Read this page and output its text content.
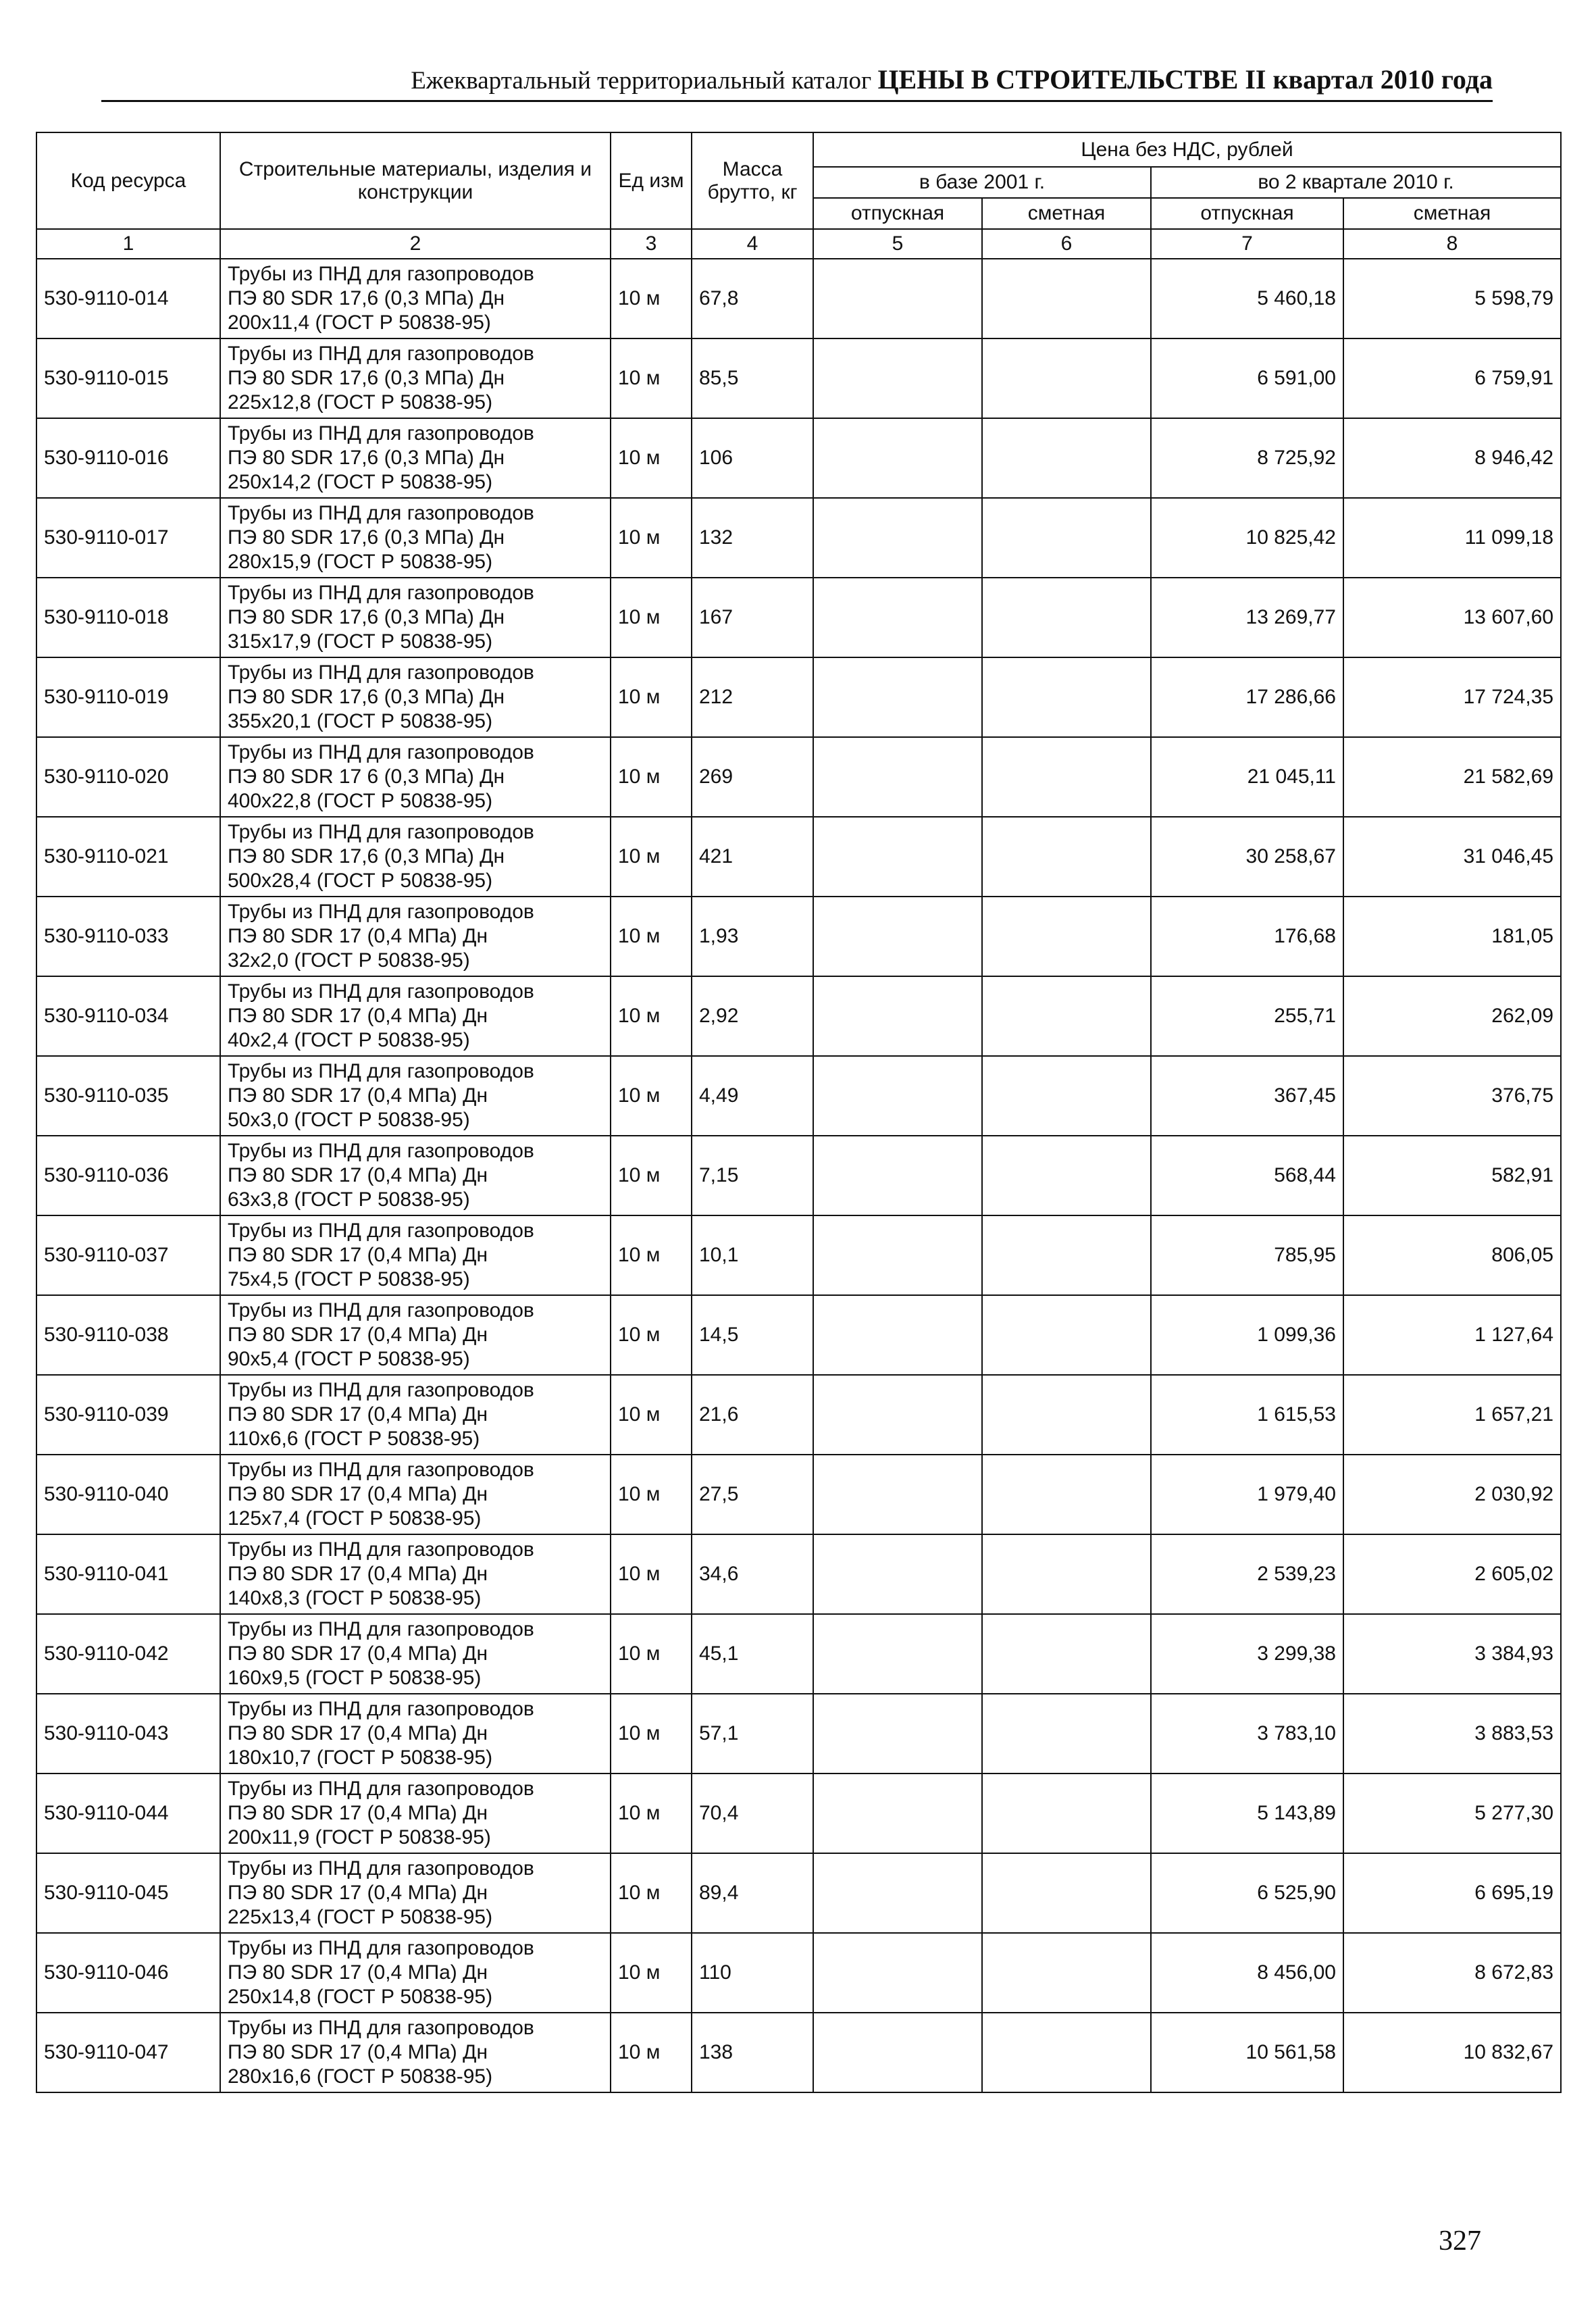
Ежеквартальный территориальный каталог ЦЕНЫ В СТРОИТЕЛЬСТВЕ II квартал 2010 года
Код ресурса	Строительные материалы, изделия и конструкции	Ед изм	Масса брутто, кг	Цена без НДС, рублей			
				в базе 2001 г.		во 2 квартале 2010 г.	
				отпускная	сметная	отпускная	сметная
1	2	3	4	5	6	7	8
530-9110-014	Трубы из ПНД для газопроводов
ПЭ 80 SDR 17,6 (0,3 МПа) Дн
200x11,4 (ГОСТ Р 50838-95)	10 м	67,8			5 460,18	5 598,79
530-9110-015	Трубы из ПНД для газопроводов
ПЭ 80 SDR 17,6 (0,3 МПа) Дн
225x12,8 (ГОСТ Р 50838-95)	10 м	85,5			6 591,00	6 759,91
530-9110-016	Трубы из ПНД для газопроводов
ПЭ 80 SDR 17,6 (0,3 МПа) Дн
250x14,2 (ГОСТ Р 50838-95)	10 м	106			8 725,92	8 946,42
530-9110-017	Трубы из ПНД для газопроводов
ПЭ 80 SDR 17,6 (0,3 МПа) Дн
280x15,9 (ГОСТ Р 50838-95)	10 м	132			10 825,42	11 099,18
530-9110-018	Трубы из ПНД для газопроводов
ПЭ 80 SDR 17,6 (0,3 МПа) Дн
315x17,9 (ГОСТ Р 50838-95)	10 м	167			13 269,77	13 607,60
530-9110-019	Трубы из ПНД для газопроводов
ПЭ 80 SDR 17,6 (0,3 МПа) Дн
355x20,1 (ГОСТ Р 50838-95)	10 м	212			17 286,66	17 724,35
530-9110-020	Трубы из ПНД для газопроводов
ПЭ 80 SDR 17 6 (0,3 МПа) Дн
400x22,8 (ГОСТ Р 50838-95)	10 м	269			21 045,11	21 582,69
530-9110-021	Трубы из ПНД для газопроводов
ПЭ 80 SDR 17,6 (0,3 МПа) Дн
500x28,4 (ГОСТ Р 50838-95)	10 м	421			30 258,67	31 046,45
530-9110-033	Трубы из ПНД для газопроводов
ПЭ 80 SDR 17 (0,4 МПа) Дн
32x2,0 (ГОСТ Р 50838-95)	10 м	1,93			176,68	181,05
530-9110-034	Трубы из ПНД для газопроводов
ПЭ 80 SDR 17 (0,4 МПа) Дн
40x2,4 (ГОСТ Р 50838-95)	10 м	2,92			255,71	262,09
530-9110-035	Трубы из ПНД для газопроводов
ПЭ 80 SDR 17 (0,4 МПа) Дн
50x3,0 (ГОСТ Р 50838-95)	10 м	4,49			367,45	376,75
530-9110-036	Трубы из ПНД для газопроводов
ПЭ 80 SDR 17 (0,4 МПа) Дн
63x3,8 (ГОСТ Р 50838-95)	10 м	7,15			568,44	582,91
530-9110-037	Трубы из ПНД для газопроводов
ПЭ 80 SDR 17 (0,4 МПа) Дн
75x4,5 (ГОСТ Р 50838-95)	10 м	10,1			785,95	806,05
530-9110-038	Трубы из ПНД для газопроводов
ПЭ 80 SDR 17 (0,4 МПа) Дн
90x5,4 (ГОСТ Р 50838-95)	10 м	14,5			1 099,36	1 127,64
530-9110-039	Трубы из ПНД для газопроводов
ПЭ 80 SDR 17 (0,4 МПа) Дн
110x6,6 (ГОСТ Р 50838-95)	10 м	21,6			1 615,53	1 657,21
530-9110-040	Трубы из ПНД для газопроводов
ПЭ 80 SDR 17 (0,4 МПа) Дн
125x7,4 (ГОСТ Р 50838-95)	10 м	27,5			1 979,40	2 030,92
530-9110-041	Трубы из ПНД для газопроводов
ПЭ 80 SDR 17 (0,4 МПа) Дн
140x8,3 (ГОСТ Р 50838-95)	10 м	34,6			2 539,23	2 605,02
530-9110-042	Трубы из ПНД для газопроводов
ПЭ 80 SDR 17 (0,4 МПа) Дн
160x9,5 (ГОСТ Р 50838-95)	10 м	45,1			3 299,38	3 384,93
530-9110-043	Трубы из ПНД для газопроводов
ПЭ 80 SDR 17 (0,4 МПа) Дн
180x10,7 (ГОСТ Р 50838-95)	10 м	57,1			3 783,10	3 883,53
530-9110-044	Трубы из ПНД для газопроводов
ПЭ 80 SDR 17 (0,4 МПа) Дн
200x11,9 (ГОСТ Р 50838-95)	10 м	70,4			5 143,89	5 277,30
530-9110-045	Трубы из ПНД для газопроводов
ПЭ 80 SDR 17 (0,4 МПа) Дн
225x13,4 (ГОСТ Р 50838-95)	10 м	89,4			6 525,90	6 695,19
530-9110-046	Трубы из ПНД для газопроводов
ПЭ 80 SDR 17 (0,4 МПа) Дн
250x14,8 (ГОСТ Р 50838-95)	10 м	110			8 456,00	8 672,83
530-9110-047	Трубы из ПНД для газопроводов
ПЭ 80 SDR 17 (0,4 МПа) Дн
280x16,6 (ГОСТ Р 50838-95)	10 м	138			10 561,58	10 832,67
327
